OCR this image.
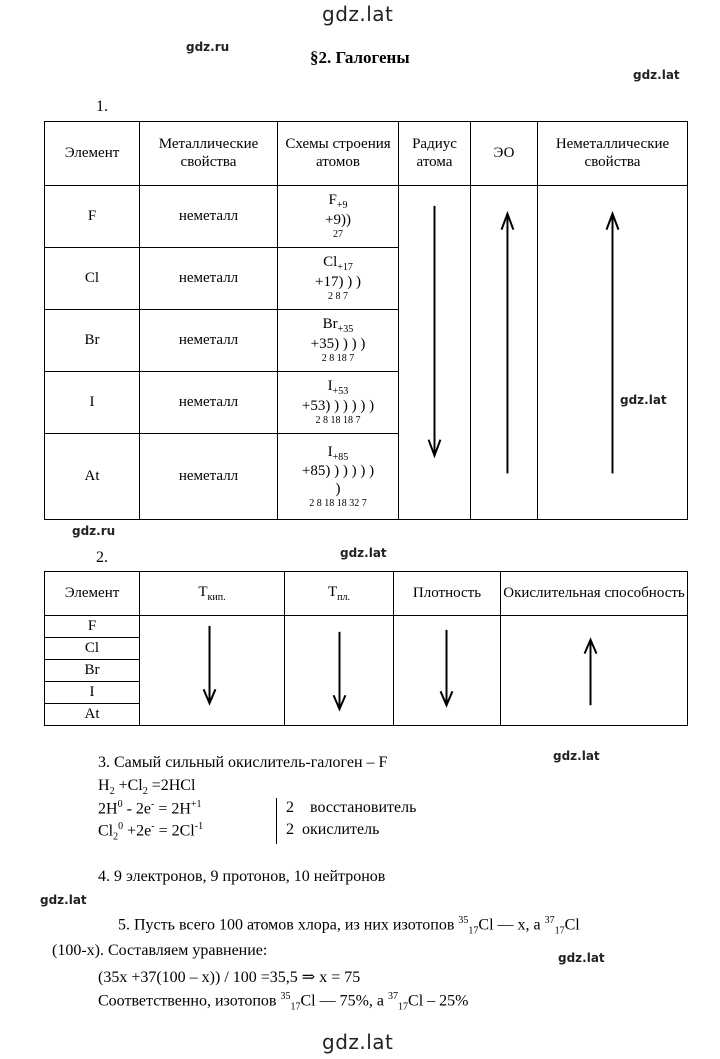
gdz.lat
gdz.ru
gdz.lat
gdz.lat
gdz.ru
gdz.lat
gdz.lat
gdz.lat
gdz.lat
gdz.lat
§2. Галогены
1.
Элемент	Металлические свойства	Схемы строения атомов	Радиус атома	ЭО	Неметаллические свойства
F	неметалл	$F_{+9}$
+9))
27

Cl	неметалл	$Cl_{+17}$
+17) ) )
2 8 7			

Br	неметалл	$Br_{+35}$
+35) ) ) )
2 8 18 7			

I	неметалл	$I_{+53}$
+53) ) ) ) ) )
2 8 18 18 7			

At	неметалл	$I_{+85}$
+85) ) ) ) ) )
)
2 8 18 18 32 7			
2.
Элемент	$T_{кип.}$	$T_{пл.}$	Плотность	Окислительная способность
F	

Cl				
Br				
I				
At				
3. Самый сильный окислитель-галоген – F
$H_2 +Cl_2 =2HCl$
$2H^0 - 2e^- = 2H^{+1}$
$Cl_2^0 +2e^- = 2Cl^{-1}$
2 восстановитель
2 окислитель
4. 9 электронов, 9 протонов, 10 нейтронов
5. Пусть всего 100 атомов хлора, из них изотопов $^{35}_{17}$Cl — x, а $^{37}_{17}$Cl
(100-x). Составляем уравнение:
(35x +37(100 – x)) / 100 =35,5 ⇒ x = 75
Соответственно, изотопов $^{35}_{17}$Cl — 75%, а $^{37}_{17}$Cl – 25%
